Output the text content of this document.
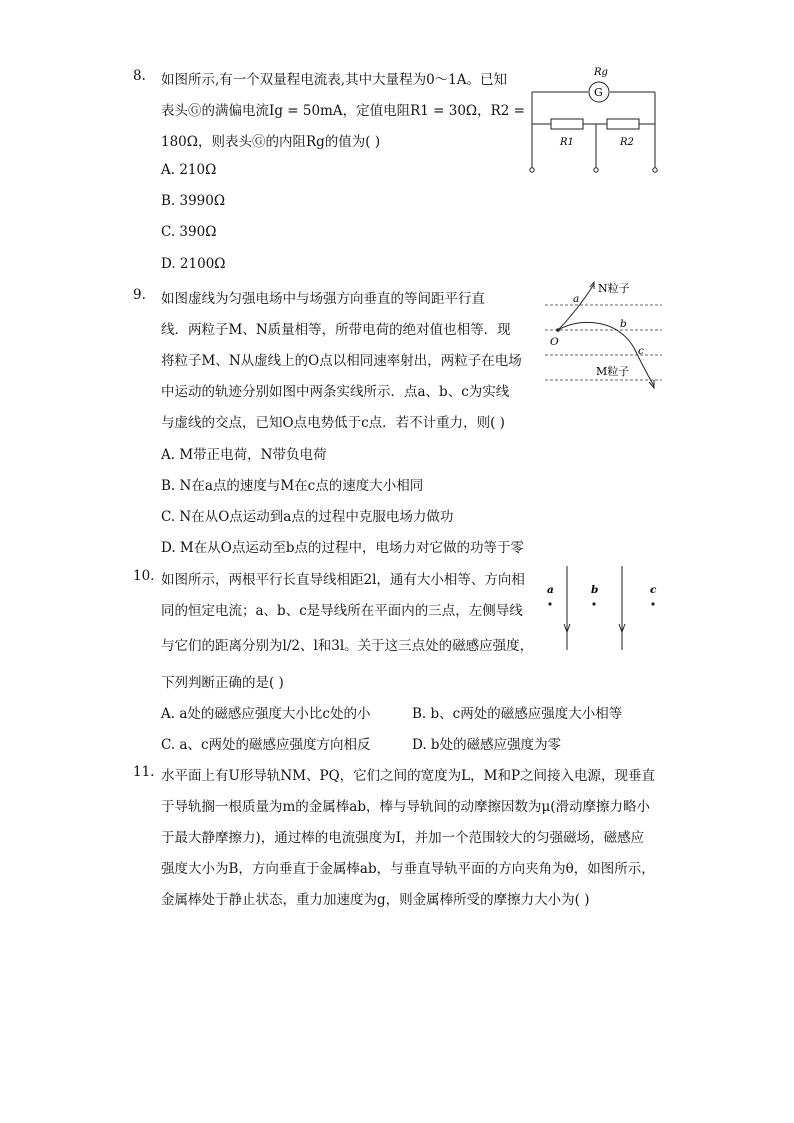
8. 如图所示,有一个双量程电流表,其中大量程为0～1A。已知
表头Ⓖ的满偏电流Ig = 50mA，定值电阻R1 = 30Ω，R2 =
180Ω，则表头Ⓖ的内阻Rg的值为( )
A. 210Ω
B. 3990Ω
C. 390Ω
D. 2100Ω
Rg
G
R1	R2
9. 如图虚线为匀强电场中与场强方向垂直的等间距平行直
线．两粒子M、N质量相等，所带电荷的绝对值也相等．现
将粒子M、N从虚线上的O点以相同速率射出，两粒子在电场
中运动的轨迹分别如图中两条实线所示．点a、b、c为实线
与虚线的交点，已知O点电势低于c点．若不计重力，则( )
A. M带正电荷，N带负电荷
B. N在a点的速度与M在c点的速度大小相同
C. N在从O点运动到a点的过程中克服电场力做功
D. M在从O点运动至b点的过程中，电场力对它做的功等于零
O
a
b
c
N粒子
M粒子
10. 如图所示，两根平行长直导线相距2l，通有大小相等、方向相
同的恒定电流；a、b、c是导线所在平面内的三点，左侧导线
与它们的距离分别为l/2、l和3l。关于这三点处的磁感应强度，
下列判断正确的是( )
A. a处的磁感应强度大小比c处的小	B. b、c两处的磁感应强度大小相等
C. a、c两处的磁感应强度方向相反	D. b处的磁感应强度为零
a	b	c
11. 水平面上有U形导轨NM、PQ，它们之间的宽度为L，M和P之间接入电源，现垂直
于导轨搁一根质量为m的金属棒ab，棒与导轨间的动摩擦因数为μ(滑动摩擦力略小
于最大静摩擦力)，通过棒的电流强度为I，并加一个范围较大的匀强磁场，磁感应
强度大小为B，方向垂直于金属棒ab，与垂直导轨平面的方向夹角为θ，如图所示，
金属棒处于静止状态，重力加速度为g，则金属棒所受的摩擦力大小为( )
